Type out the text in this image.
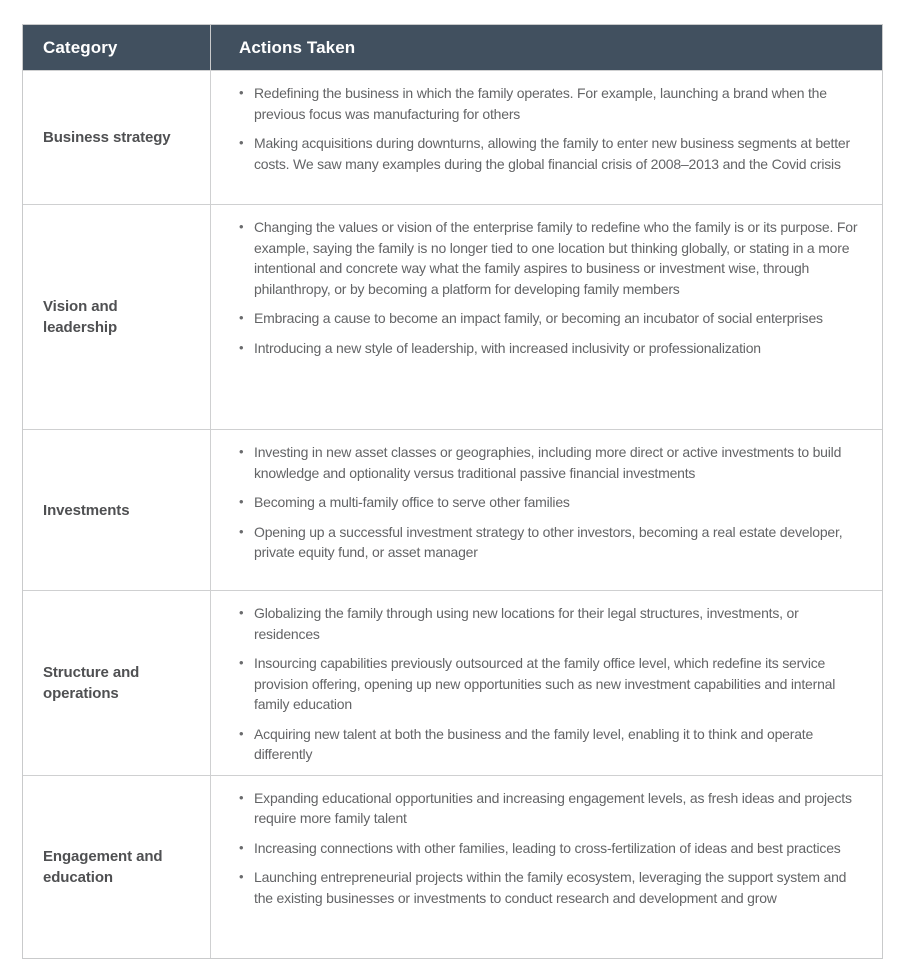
Category	Actions Taken
Business strategy
• Redefining the business in which the family operates. For example, launching a brand when the previous focus was manufacturing for others
• Making acquisitions during downturns, allowing the family to enter new business segments at better costs. We saw many examples during the global financial crisis of 2008–2013 and the Covid crisis
Vision and leadership
• Changing the values or vision of the enterprise family to redefine who the family is or its purpose. For example, saying the family is no longer tied to one location but thinking globally, or stating in a more intentional and concrete way what the family aspires to business or investment wise, through philanthropy, or by becoming a platform for developing family members
• Embracing a cause to become an impact family, or becoming an incubator of social enterprises
• Introducing a new style of leadership, with increased inclusivity or professionalization
Investments
• Investing in new asset classes or geographies, including more direct or active investments to build knowledge and optionality versus traditional passive financial investments
• Becoming a multi-family office to serve other families
• Opening up a successful investment strategy to other investors, becoming a real estate developer, private equity fund, or asset manager
Structure and operations
• Globalizing the family through using new locations for their legal structures, investments, or residences
• Insourcing capabilities previously outsourced at the family office level, which redefine its service provision offering, opening up new opportunities such as new investment capabilities and internal family education
• Acquiring new talent at both the business and the family level, enabling it to think and operate differently
Engagement and education
• Expanding educational opportunities and increasing engagement levels, as fresh ideas and projects require more family talent
• Increasing connections with other families, leading to cross-fertilization of ideas and best practices
• Launching entrepreneurial projects within the family ecosystem, leveraging the support system and the existing businesses or investments to conduct research and development and grow
